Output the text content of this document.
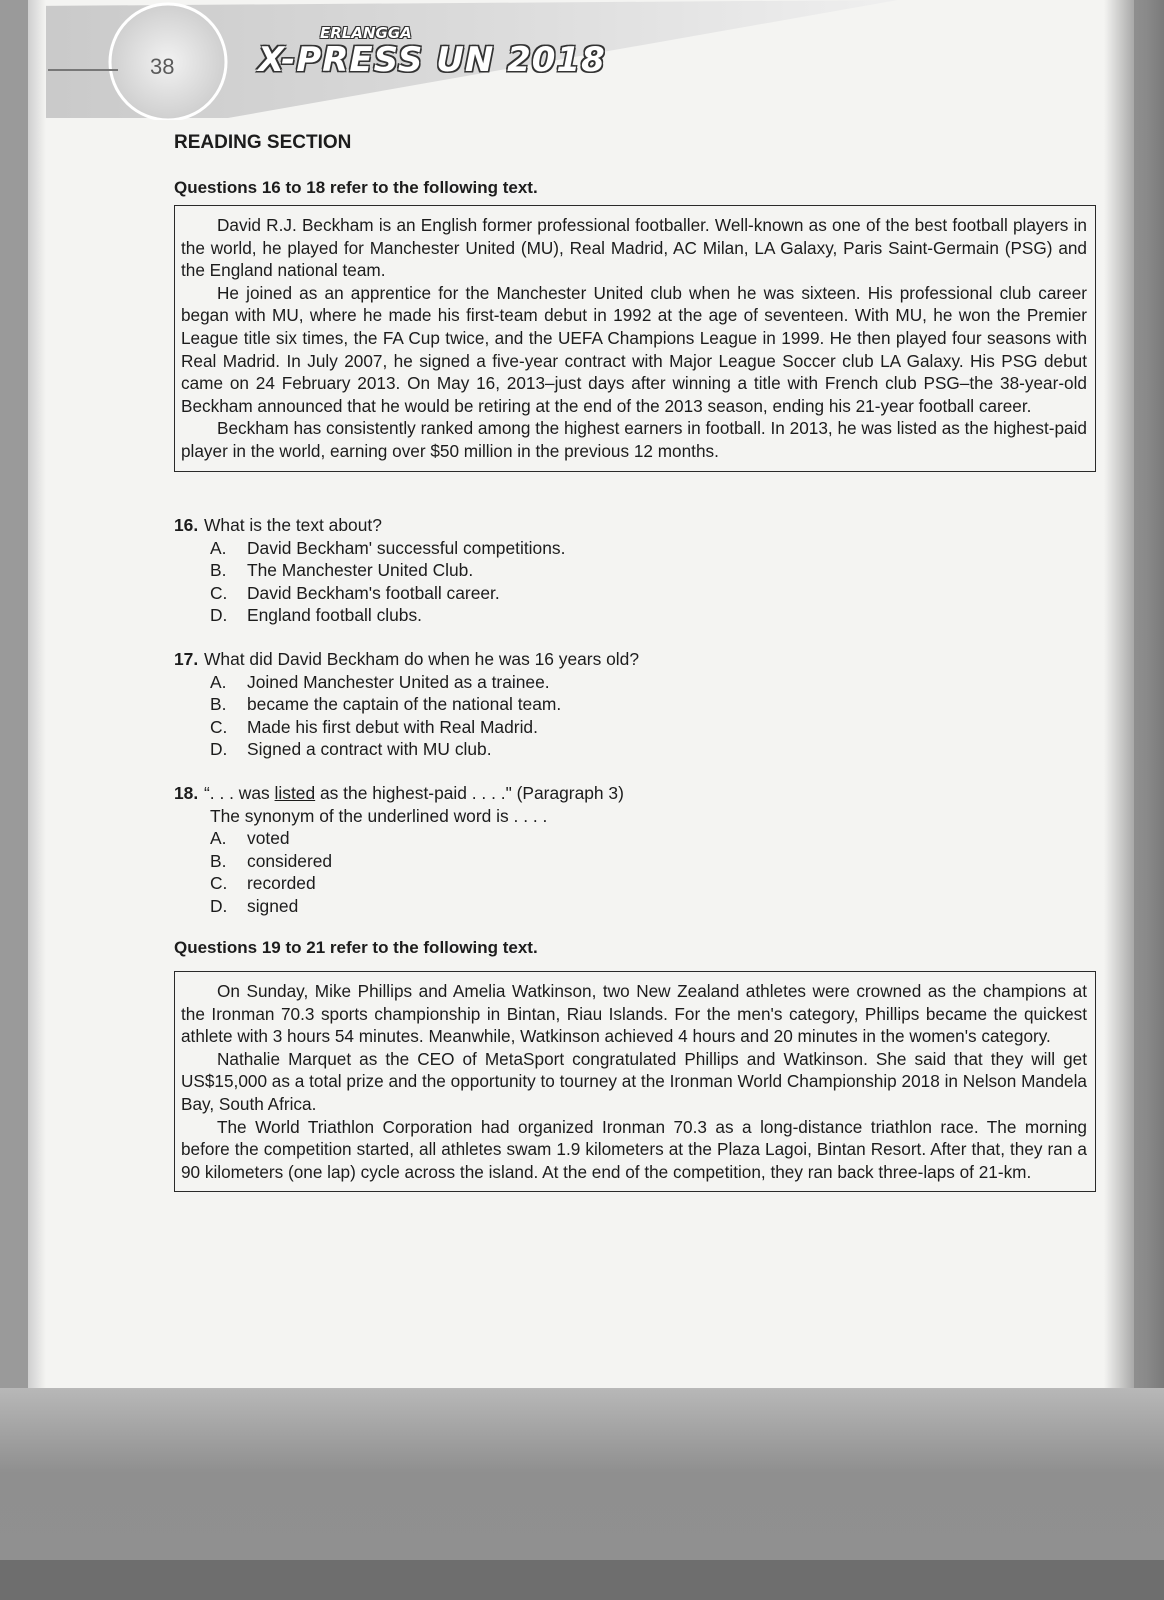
38
ERLANGGA
X-PRESS UN 2018
READING SECTION
Questions 16 to 18 refer to the following text.

David R.J. Beckham is an English former professional footballer. Well-known as one of the best football players in the world, he played for Manchester United (MU), Real Madrid, AC Milan, LA Galaxy, Paris Saint-Germain (PSG) and the England national team.

He joined as an apprentice for the Manchester United club when he was sixteen. His professional club career began with MU, where he made his first-team debut in 1992 at the age of seventeen. With MU, he won the Premier League title six times, the FA Cup twice, and the UEFA Champions League in 1999. He then played four seasons with Real Madrid. In July 2007, he signed a five-year contract with Major League Soccer club LA Galaxy. His PSG debut came on 24 February 2013. On May 16, 2013–just days after winning a title with French club PSG–the 38-year-old Beckham announced that he would be retiring at the end of the 2013 season, ending his 21-year football career.

Beckham has consistently ranked among the highest earners in football. In 2013, he was listed as the highest-paid player in the world, earning over $50 million in the previous 12 months.

16. What is the text about?
A.	David Beckham' successful competitions.
B.	The Manchester United Club.
C.	David Beckham's football career.
D.	England football clubs.
17. What did David Beckham do when he was 16 years old?
A.	Joined Manchester United as a trainee.
B.	became the captain of the national team.
C.	Made his first debut with Real Madrid.
D.	Signed a contract with MU club.
18. “. . . was listed as the highest-paid . . . ." (Paragraph 3)
The synonym of the underlined word is . . . .
A.	voted
B.	considered
C.	recorded
D.	signed
Questions 19 to 21 refer to the following text.

On Sunday, Mike Phillips and Amelia Watkinson, two New Zealand athletes were crowned as the champions at the Ironman 70.3 sports championship in Bintan, Riau Islands. For the men's category, Phillips became the quickest athlete with 3 hours 54 minutes. Meanwhile, Watkinson achieved 4 hours and 20 minutes in the women's category.

Nathalie Marquet as the CEO of MetaSport congratulated Phillips and Watkinson. She said that they will get US$15,000 as a total prize and the opportunity to tourney at the Ironman World Championship 2018 in Nelson Mandela Bay, South Africa.

The World Triathlon Corporation had organized Ironman 70.3 as a long-distance triathlon race. The morning before the competition started, all athletes swam 1.9 kilometers at the Plaza Lagoi, Bintan Resort. After that, they ran a 90 kilometers (one lap) cycle across the island. At the end of the competition, they ran back three-laps of 21-km.
